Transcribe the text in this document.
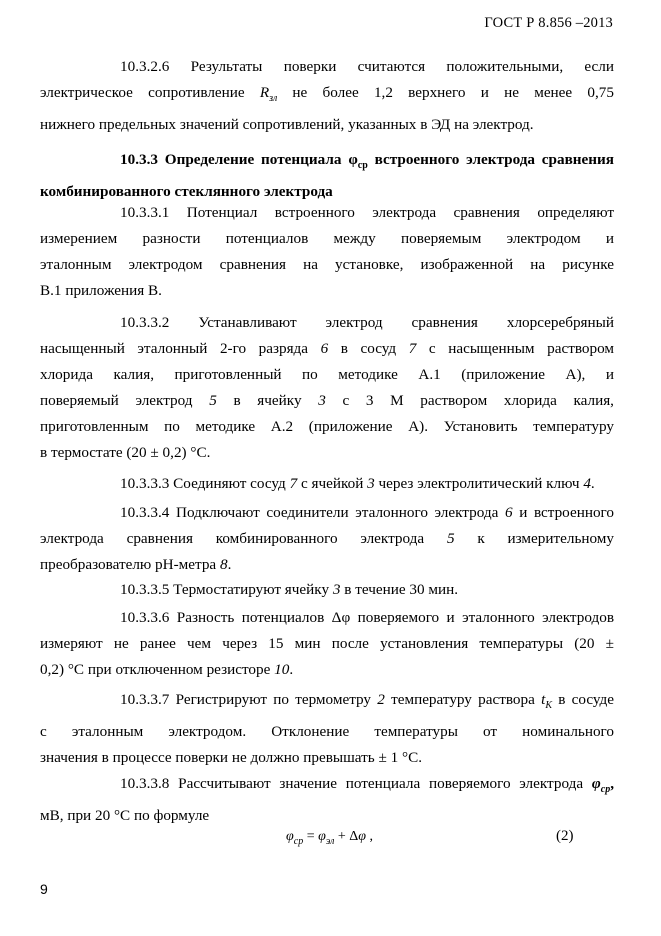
ГОСТ Р 8.856 –2013
10.3.2.6 Результаты поверки считаются положительными, если
электрическое сопротивление $R_{зл}$ не более 1,2 верхнего и не менее 0,75
нижнего предельных значений сопротивлений, указанных в ЭД на электрод.
10.3.3 Определение потенциала $\varphi_{ср}$ встроенного электрода сравнения
комбинированного стеклянного электрода
10.3.3.1 Потенциал встроенного электрода сравнения определяют
измерением разности потенциалов между поверяемым электродом и
эталонным электродом сравнения на установке, изображенной на рисунке
В.1 приложения В.
10.3.3.2 Устанавливают электрод сравнения хлорсеребряный
насыщенный эталонный 2-го разряда 6 в сосуд 7 с насыщенным раствором
хлорида калия, приготовленный по методике А.1 (приложение А), и
поверяемый электрод 5 в ячейку 3 с 3 М раствором хлорида калия,
приготовленным по методике А.2 (приложение А). Установить температуру
в термостате (20 ± 0,2) °С.
10.3.3.3 Соединяют сосуд 7 с ячейкой 3 через электролитический ключ 4.
10.3.3.4 Подключают соединители эталонного электрода 6 и встроенного
электрода сравнения комбинированного электрода 5 к измерительному
преобразователю рН-метра 8.
10.3.3.5 Термостатируют ячейку 3 в течение 30 мин.
10.3.3.6 Разность потенциалов Δφ поверяемого и эталонного электродов
измеряют не ранее чем через 15 мин после установления температуры (20 ±
0,2) °С при отключенном резисторе 10.
10.3.3.7 Регистрируют по термометру 2 температуру раствора $t_K$ в сосуде
с эталонным электродом. Отклонение температуры от номинального
значения в процессе поверки не должно превышать ± 1 °С.
10.3.3.8 Рассчитывают значение потенциала поверяемого электрода $\varphi_{ср}$,
мВ, при 20 °С по формуле
$\varphi_{ср} = \varphi_{эл} + \Delta\varphi$ ,	(2)
9
